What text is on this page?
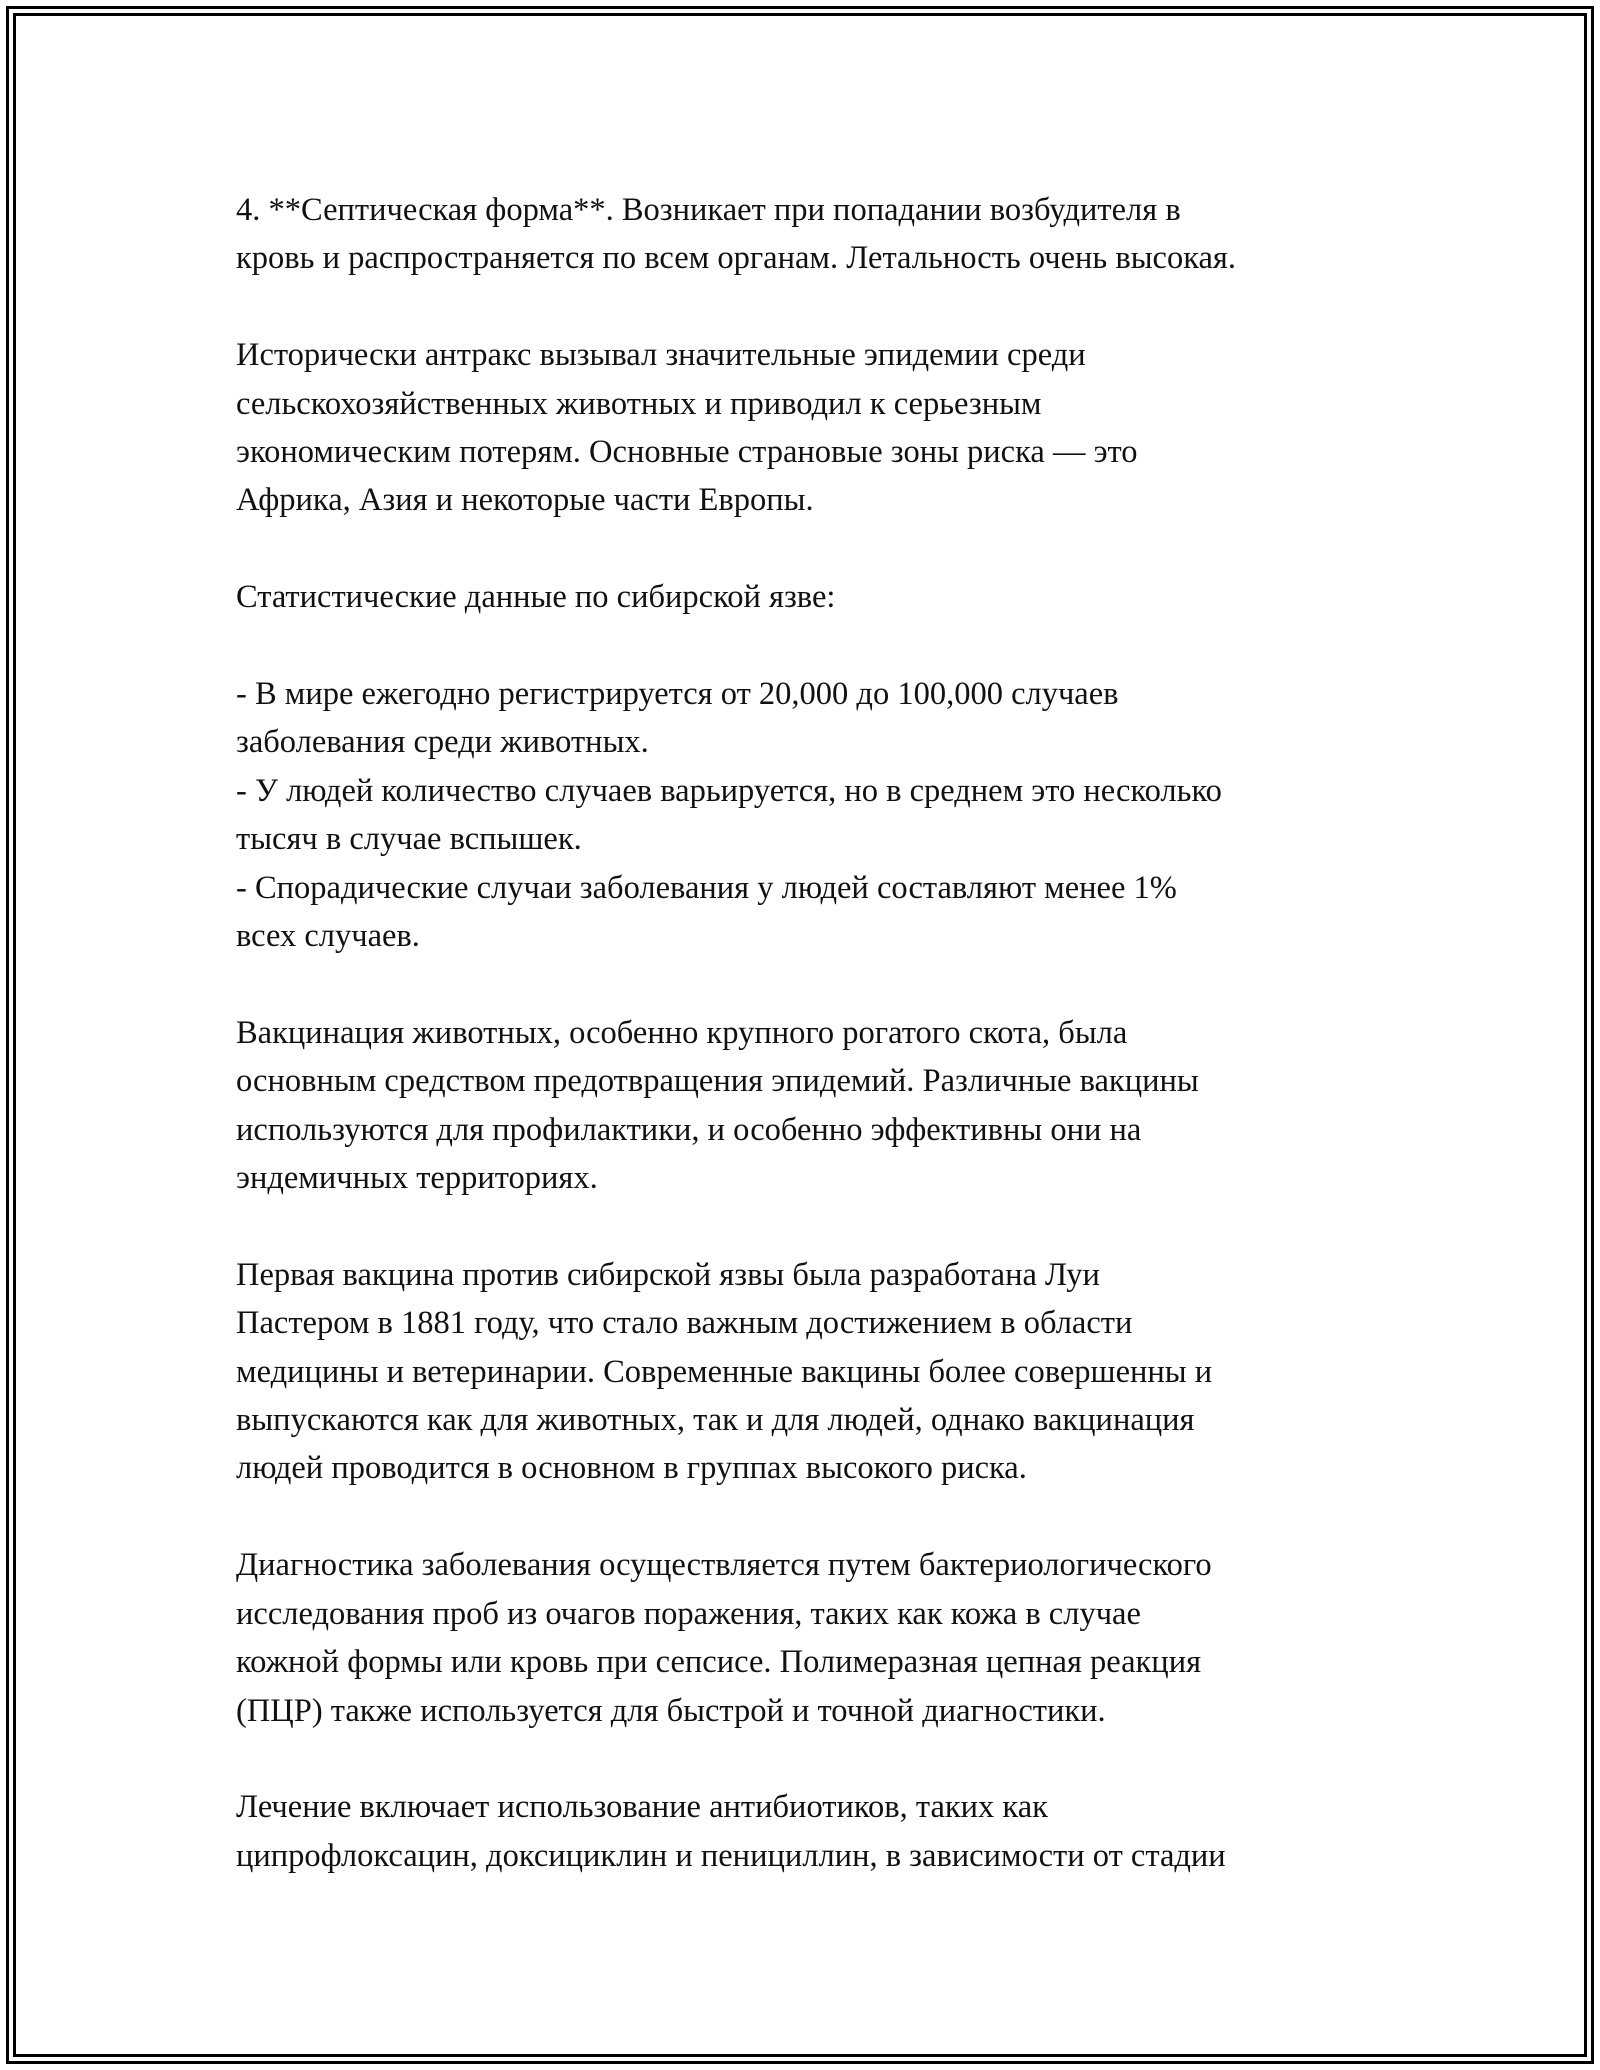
4. **Септическая форма**. Возникает при попадании возбудителя в
кровь и распространяется по всем органам. Летальность очень высокая.

Исторически антракс вызывал значительные эпидемии среди
сельскохозяйственных животных и приводил к серьезным
экономическим потерям. Основные страновые зоны риска — это
Африка, Азия и некоторые части Европы.

Статистические данные по сибирской язве:

- В мире ежегодно регистрируется от 20,000 до 100,000 случаев
заболевания среди животных.
- У людей количество случаев варьируется, но в среднем это несколько
тысяч в случае вспышек.
- Спорадические случаи заболевания у людей составляют менее 1%
всех случаев.

Вакцинация животных, особенно крупного рогатого скота, была
основным средством предотвращения эпидемий. Различные вакцины
используются для профилактики, и особенно эффективны они на
эндемичных территориях.

Первая вакцина против сибирской язвы была разработана Луи
Пастером в 1881 году, что стало важным достижением в области
медицины и ветеринарии. Современные вакцины более совершенны и
выпускаются как для животных, так и для людей, однако вакцинация
людей проводится в основном в группах высокого риска.

Диагностика заболевания осуществляется путем бактериологического
исследования проб из очагов поражения, таких как кожа в случае
кожной формы или кровь при сепсисе. Полимеразная цепная реакция
(ПЦР) также используется для быстрой и точной диагностики.

Лечение включает использование антибиотиков, таких как
ципрофлоксацин, доксициклин и пенициллин, в зависимости от стадии
